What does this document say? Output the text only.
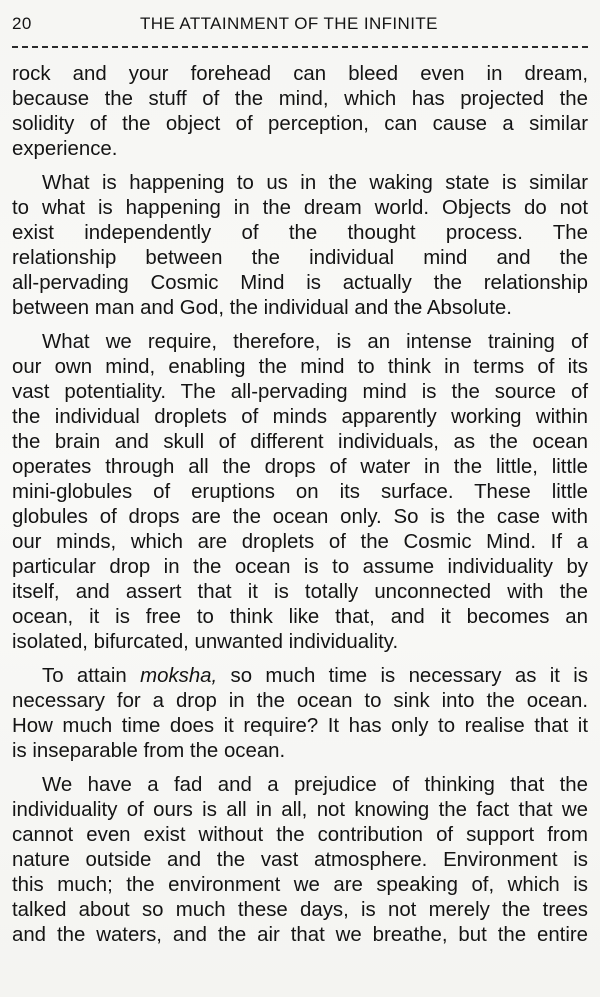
20	THE ATTAINMENT OF THE INFINITE

rock and your forehead can bleed even in dream,
because the stuff of the mind, which has projected the
solidity of the object of perception, can cause a similar
experience.

What is happening to us in the waking state is similar
to what is happening in the dream world. Objects do not
exist independently of the thought process. The
relationship between the individual mind and the
all-pervading Cosmic Mind is actually the relationship
between man and God, the individual and the Absolute.

What we require, therefore, is an intense training of
our own mind, enabling the mind to think in terms of its
vast potentiality. The all-pervading mind is the source of
the individual droplets of minds apparently working within
the brain and skull of different individuals, as the ocean
operates through all the drops of water in the little, little
mini-globules of eruptions on its surface. These little
globules of drops are the ocean only. So is the case with
our minds, which are droplets of the Cosmic Mind. If a
particular drop in the ocean is to assume individuality by
itself, and assert that it is totally unconnected with the
ocean, it is free to think like that, and it becomes an
isolated, bifurcated, unwanted individuality.

To attain moksha, so much time is necessary as it is
necessary for a drop in the ocean to sink into the ocean.
How much time does it require? It has only to realise that it
is inseparable from the ocean.

We have a fad and a prejudice of thinking that the
individuality of ours is all in all, not knowing the fact that we
cannot even exist without the contribution of support from
nature outside and the vast atmosphere. Environment is
this much; the environment we are speaking of, which is
talked about so much these days, is not merely the trees
and the waters, and the air that we breathe, but the entire
